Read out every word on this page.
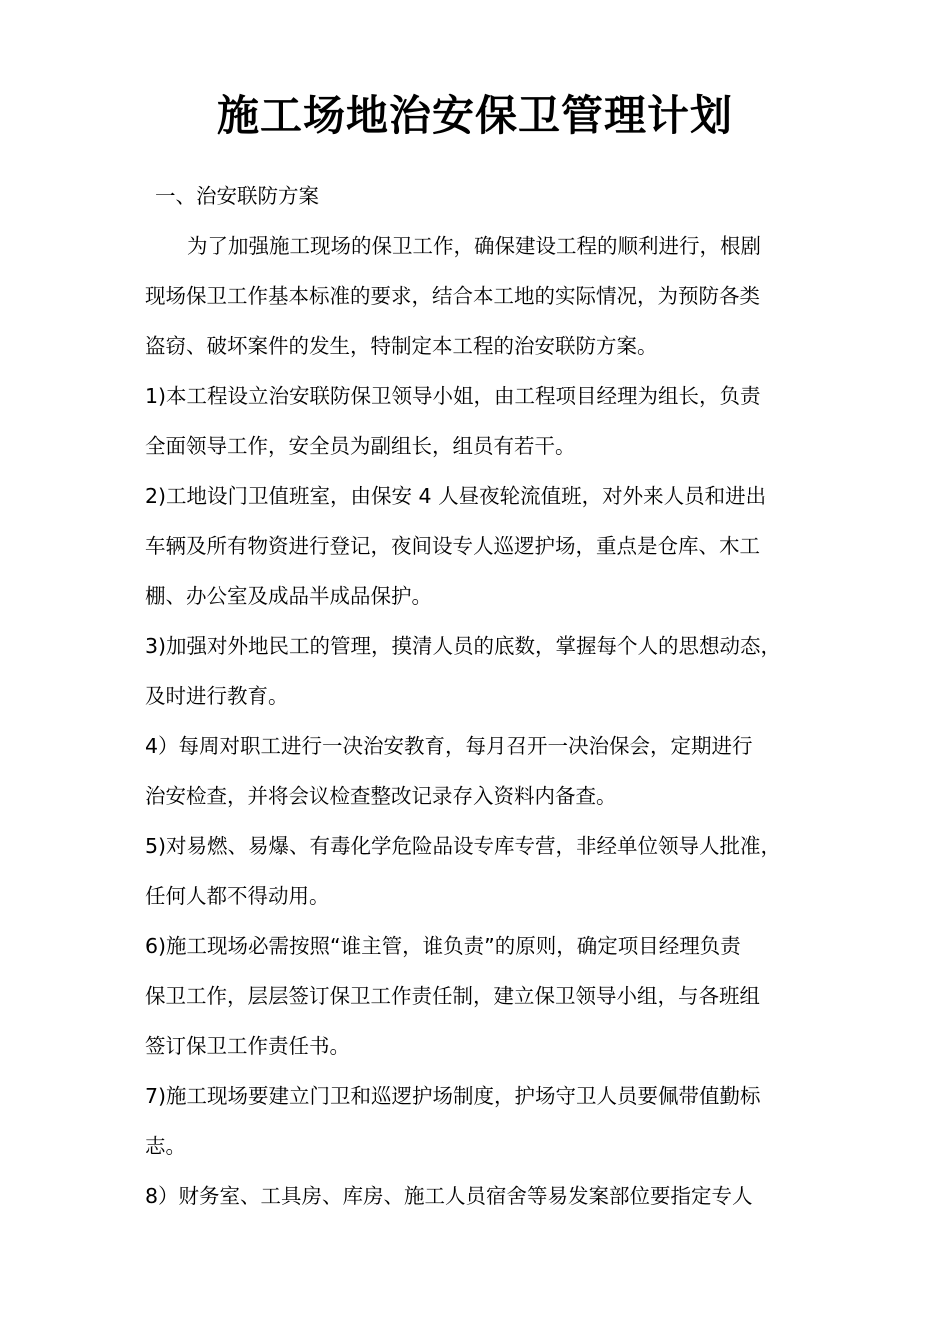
施工场地治安保卫管理计划
一、治安联防方案
为了加强施工现场的保卫工作，确保建设工程的顺利进行，根剧
现场保卫工作基本标准的要求，结合本工地的实际情况，为预防各类
盗窃、破坏案件的发生，特制定本工程的治安联防方案。
1)本工程设立治安联防保卫领导小姐，由工程项目经理为组长，负责
全面领导工作，安全员为副组长，组员有若干。
2)工地设门卫值班室，由保安 4 人昼夜轮流值班，对外来人员和进出
车辆及所有物资进行登记，夜间设专人巡逻护场，重点是仓库、木工
棚、办公室及成品半成品保护。
3)加强对外地民工的管理，摸清人员的底数，掌握每个人的思想动态，
及时进行教育。
4）每周对职工进行一决治安教育，每月召开一决治保会，定期进行
治安检查，并将会议检查整改记录存入资料内备查。
5)对易燃、易爆、有毒化学危险品设专库专营，非经单位领导人批准，
任何人都不得动用。
6)施工现场必需按照“谁主管，谁负责”的原则，确定项目经理负责
保卫工作，层层签订保卫工作责任制，建立保卫领导小组，与各班组
签订保卫工作责任书。
7)施工现场要建立门卫和巡逻护场制度，护场守卫人员要佩带值勤标
志。
8）财务室、工具房、库房、施工人员宿舍等易发案部位要指定专人
